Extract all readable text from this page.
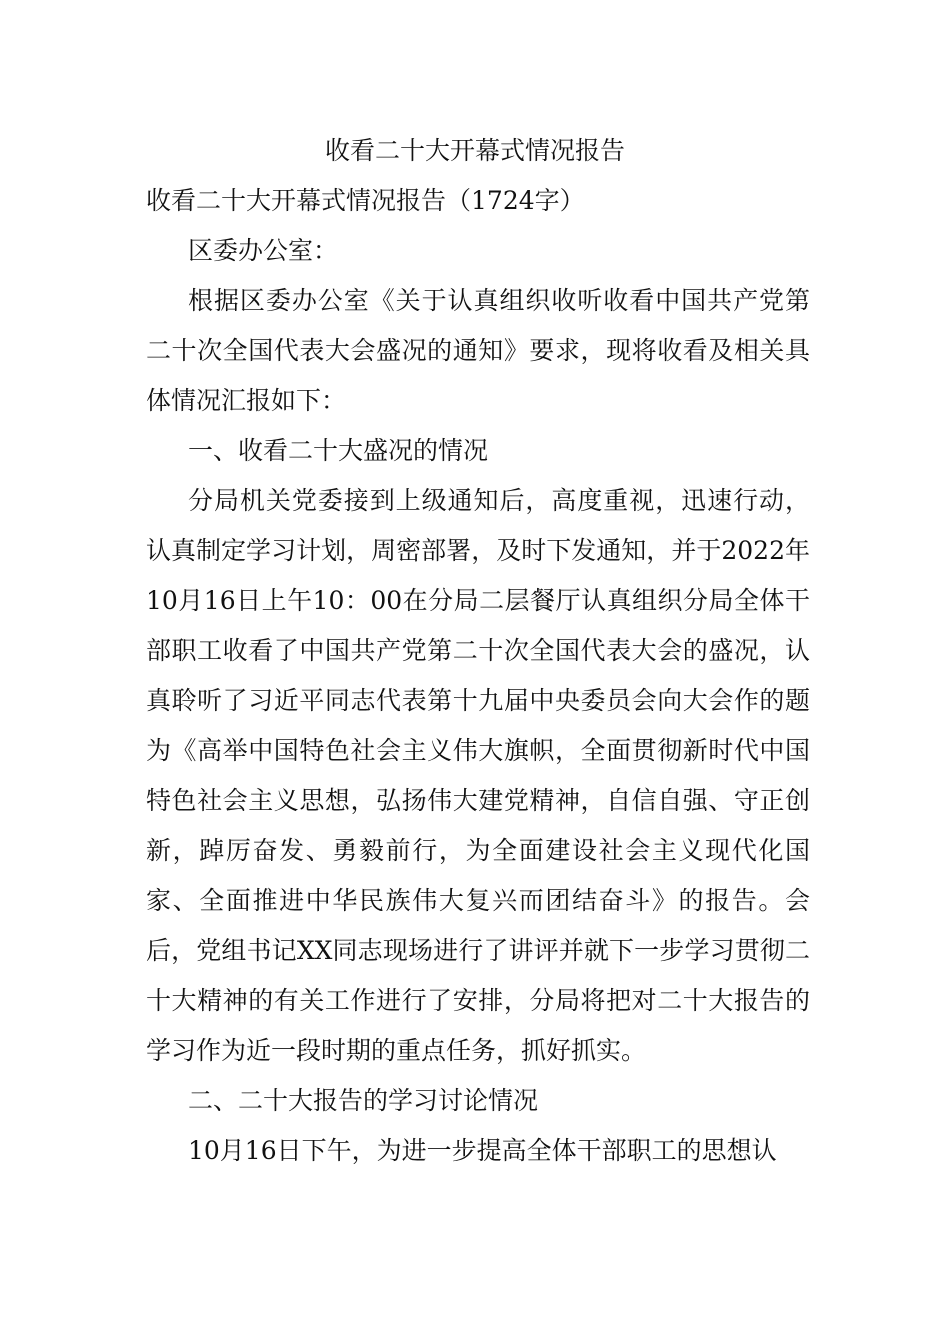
收看二十大开幕式情况报告

收看二十大开幕式情况报告（1724字）

区委办公室：

根据区委办公室《关于认真组织收听收看中国共产党第二十次全国代表大会盛况的通知》要求，现将收看及相关具体情况汇报如下：

一、收看二十大盛况的情况

分局机关党委接到上级通知后，高度重视，迅速行动，认真制定学习计划，周密部署，及时下发通知，并于2022年10月16日上午10：00在分局二层餐厅认真组织分局全体干部职工收看了中国共产党第二十次全国代表大会的盛况，认真聆听了习近平同志代表第十九届中央委员会向大会作的题为《高举中国特色社会主义伟大旗帜，全面贯彻新时代中国特色社会主义思想，弘扬伟大建党精神，自信自强、守正创新，踔厉奋发、勇毅前行，为全面建设社会主义现代化国家、全面推进中华民族伟大复兴而团结奋斗》的报告。会后，党组书记XX同志现场进行了讲评并就下一步学习贯彻二十大精神的有关工作进行了安排，分局将把对二十大报告的学习作为近一段时期的重点任务，抓好抓实。

二、二十大报告的学习讨论情况

10月16日下午，为进一步提高全体干部职工的思想认
